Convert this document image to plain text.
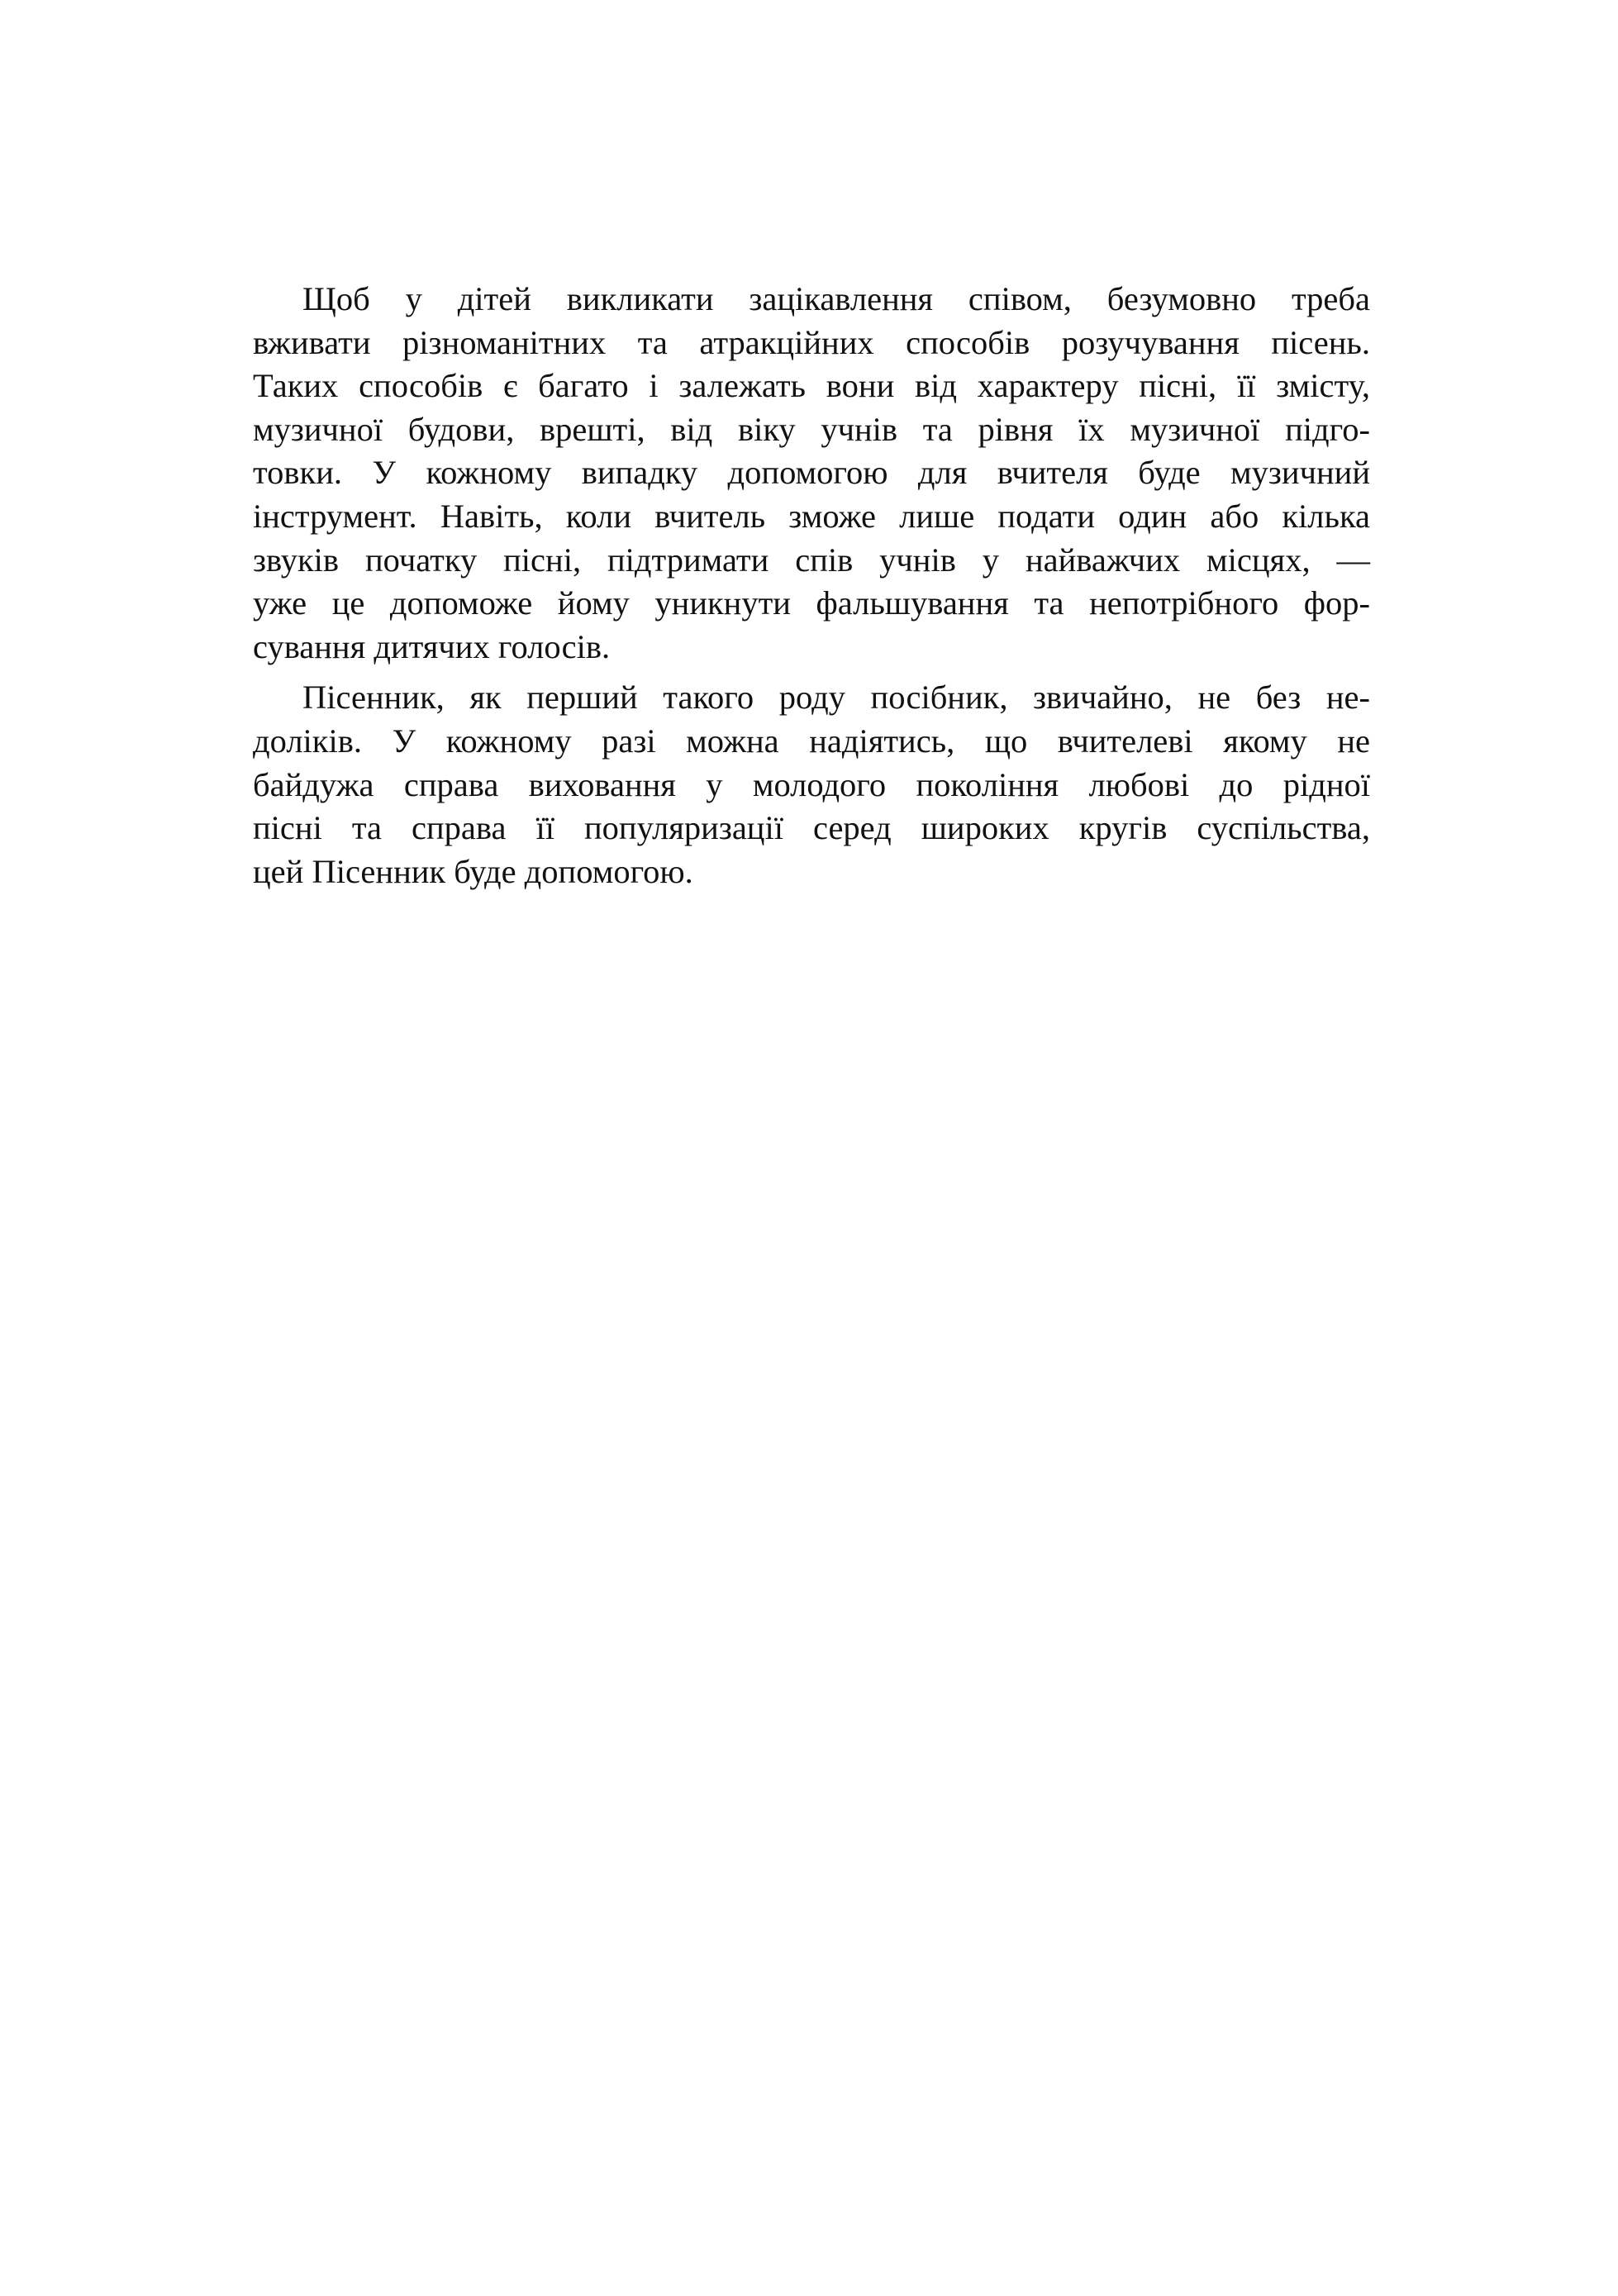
Щоб у дітей викликати зацікавлення співом, безумовно треба
вживати різноманітних та атракційних способів розучування пісень.
Таких способів є багато і залежать вони від характеру пісні, її змісту,
музичної будови, врешті, від віку учнів та рівня їх музичної підго-
товки. У кожному випадку допомогою для вчителя буде музичний
інструмент. Навіть, коли вчитель зможе лише подати один або кілька
звуків початку пісні, підтримати спів учнів у найважчих місцях, —
уже це допоможе йому уникнути фальшування та непотрібного фор-
сування дитячих голосів.
Пісенник, як перший такого роду посібник, звичайно, не без не-
доліків. У кожному разі можна надіятись, що вчителеві якому не
байдужа справа виховання у молодого покоління любові до рідної
пісні та справа її популяризації серед широких кругів суспільства,
цей Пісенник буде допомогою.
